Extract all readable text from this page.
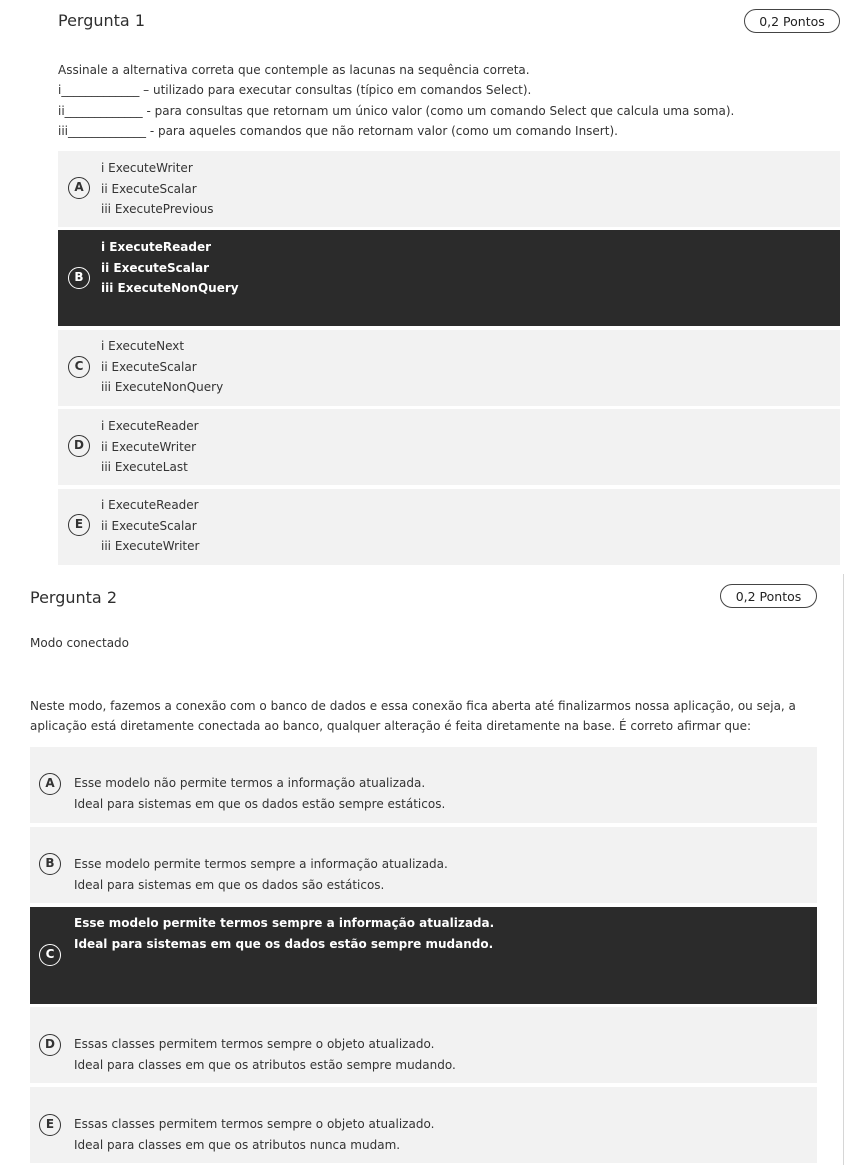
Pergunta 1	0,2 Pontos

Assinale a alternativa correta que contemple as lacunas na sequência correta.

i_____________ – utilizado para executar consultas (típico em comandos Select).

ii_____________ - para consultas que retornam um único valor (como um comando Select que calcula uma soma).

iii_____________ - para aqueles comandos que não retornam valor (como um comando Insert).

A
i ExecuteWriter
ii ExecuteScalar
iii ExecutePrevious
B
i ExecuteReader
ii ExecuteScalar
iii ExecuteNonQuery
C
i ExecuteNext
ii ExecuteScalar
iii ExecuteNonQuery
D
i ExecuteReader
ii ExecuteWriter
iii ExecuteLast
E
i ExecuteReader
ii ExecuteScalar
iii ExecuteWriter
Pergunta 2	0,2 Pontos
Modo conectado

Neste modo, fazemos a conexão com o banco de dados e essa conexão fica aberta até finalizarmos nossa aplicação, ou seja, a aplicação está diretamente conectada ao banco, qualquer alteração é feita diretamente na base. É correto afirmar que:

A	Esse modelo não permite termos a informação atualizada.
Ideal para sistemas em que os dados estão sempre estáticos.
B	Esse modelo permite termos sempre a informação atualizada.
Ideal para sistemas em que os dados são estáticos.
C
Esse modelo permite termos sempre a informação atualizada.
Ideal para sistemas em que os dados estão sempre mudando.
D	Essas classes permitem termos sempre o objeto atualizado.
Ideal para classes em que os atributos estão sempre mudando.
E	Essas classes permitem termos sempre o objeto atualizado.
Ideal para classes em que os atributos nunca mudam.
